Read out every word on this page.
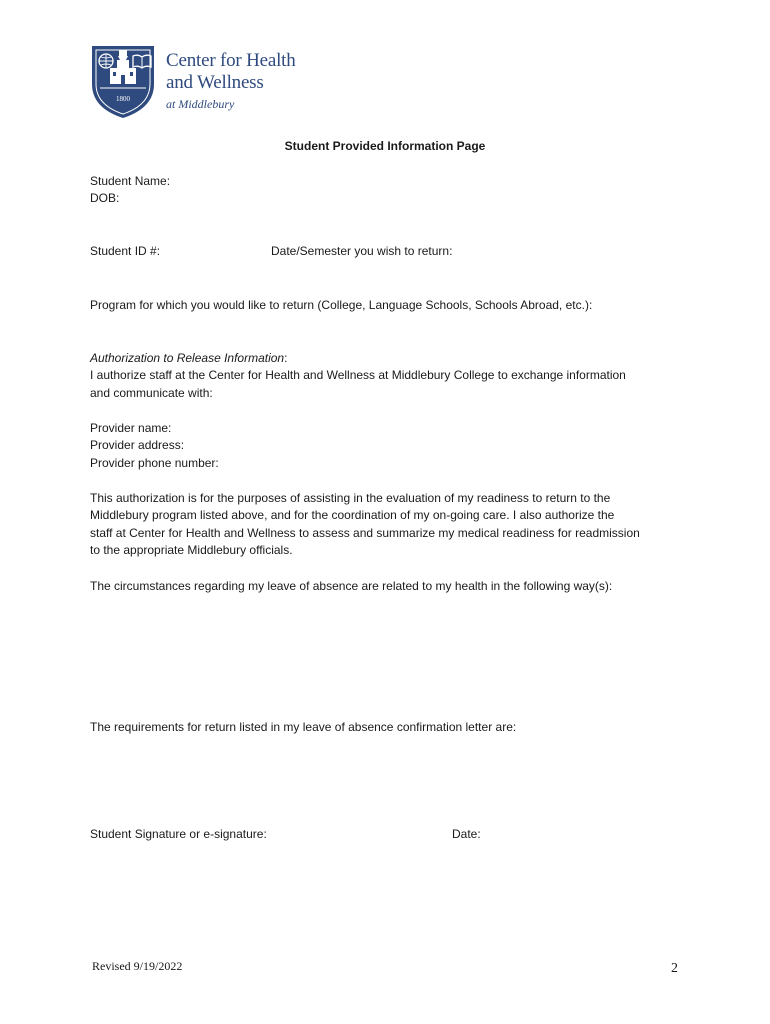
1800
Center for Health
and Wellness
at Middlebury
Student Provided Information Page
Student Name:
DOB:
Student ID #:	Date/Semester you wish to return:
Program for which you would like to return (College, Language Schools, Schools Abroad, etc.):
Authorization to Release Information:
I authorize staff at the Center for Health and Wellness at Middlebury College to exchange information
and communicate with:
Provider name:
Provider address:
Provider phone number:
This authorization is for the purposes of assisting in the evaluation of my readiness to return to the
Middlebury program listed above, and for the coordination of my on-going care. I also authorize the
staff at Center for Health and Wellness to assess and summarize my medical readiness for readmission
to the appropriate Middlebury officials.
The circumstances regarding my leave of absence are related to my health in the following way(s):
The requirements for return listed in my leave of absence confirmation letter are:
Student Signature or e-signature:	Date:
Revised 9/19/2022	2
